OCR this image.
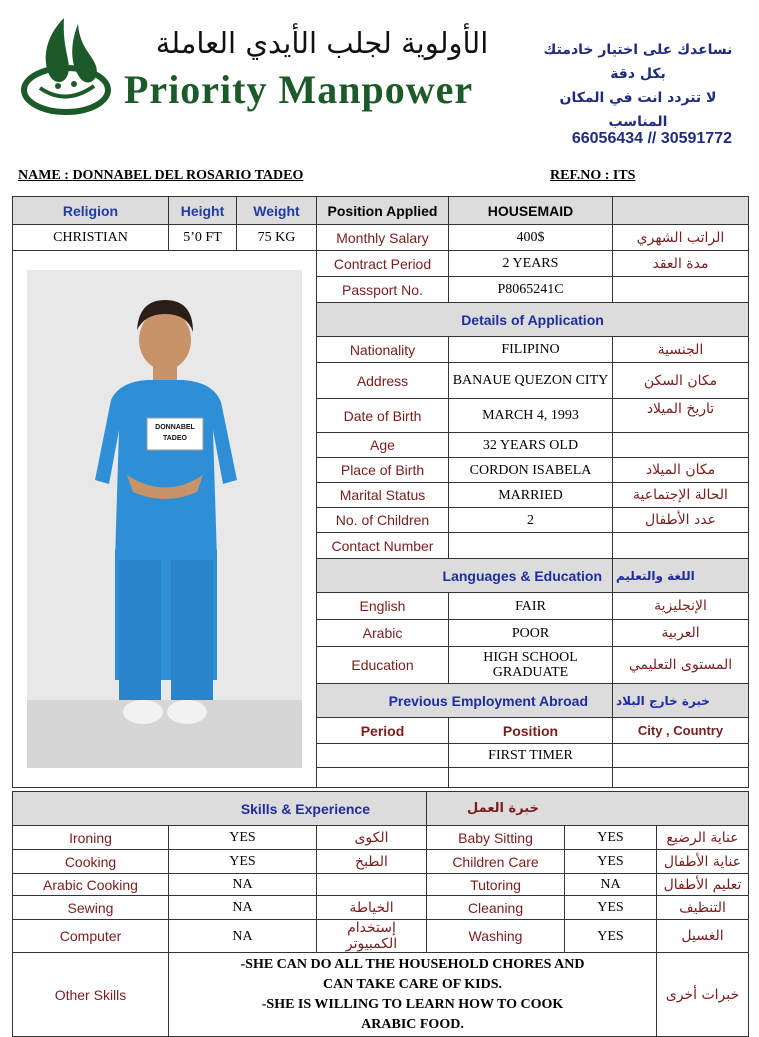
الأولوية لجلب الأيدي العاملة
Priority Manpower
نساعدك على اختيار خادمتك بكل دقة
لا تتردد انت في المكان المناسب
66056434 // 30591772
NAME : DONNABEL DEL ROSARIO TADEO	REF.NO : ITS
Religion	Height	Weight	Position Applied	HOUSEMAID	
CHRISTIAN	5’0 FT	75 KG	Monthly Salary	400$	الراتب الشهري

DONNABEL
TADEO			Contract Period	2 YEARS	مدة العقد
			Passport No.	P8065241C	
			Details of Application		
			Nationality	FILIPINO	الجنسية
			Address	BANAUE QUEZON CITY	مكان السكن
			Date of Birth	MARCH 4, 1993	تاريخ الميلاد
			Age	32 YEARS OLD	
			Place of Birth	CORDON ISABELA	مكان الميلاد
			Marital Status	MARRIED	الحالة الإجتماعية
			No. of Children	2	عدد الأطفال
			Contact Number		
			Languages & Education		اللغة والتعليم
			English	FAIR	الإنجليزية
			Arabic	POOR	العربية
			Education	HIGH SCHOOL GRADUATE	المستوى التعليمي
			Previous Employment Abroad		خبرة خارج البلاد
			Period	Position	City , Country
				FIRST TIMER	

Skills & Experience			خبرة العمل		
Ironing	YES	الكوى	Baby Sitting	YES	عناية الرضيع
Cooking	YES	الطبخ	Children Care	YES	عناية الأطفال
Arabic Cooking	NA		Tutoring	NA	تعليم الأطفال
Sewing	NA	الخياطة	Cleaning	YES	التنظيف
Computer	NA	إستخدام الكمبيوتر	Washing	YES	الغسيل
Other Skills	-SHE CAN DO ALL THE HOUSEHOLD CHORES AND
CAN TAKE CARE OF KIDS.
-SHE IS WILLING TO LEARN HOW TO COOK
ARABIC FOOD.				خبرات أخرى
